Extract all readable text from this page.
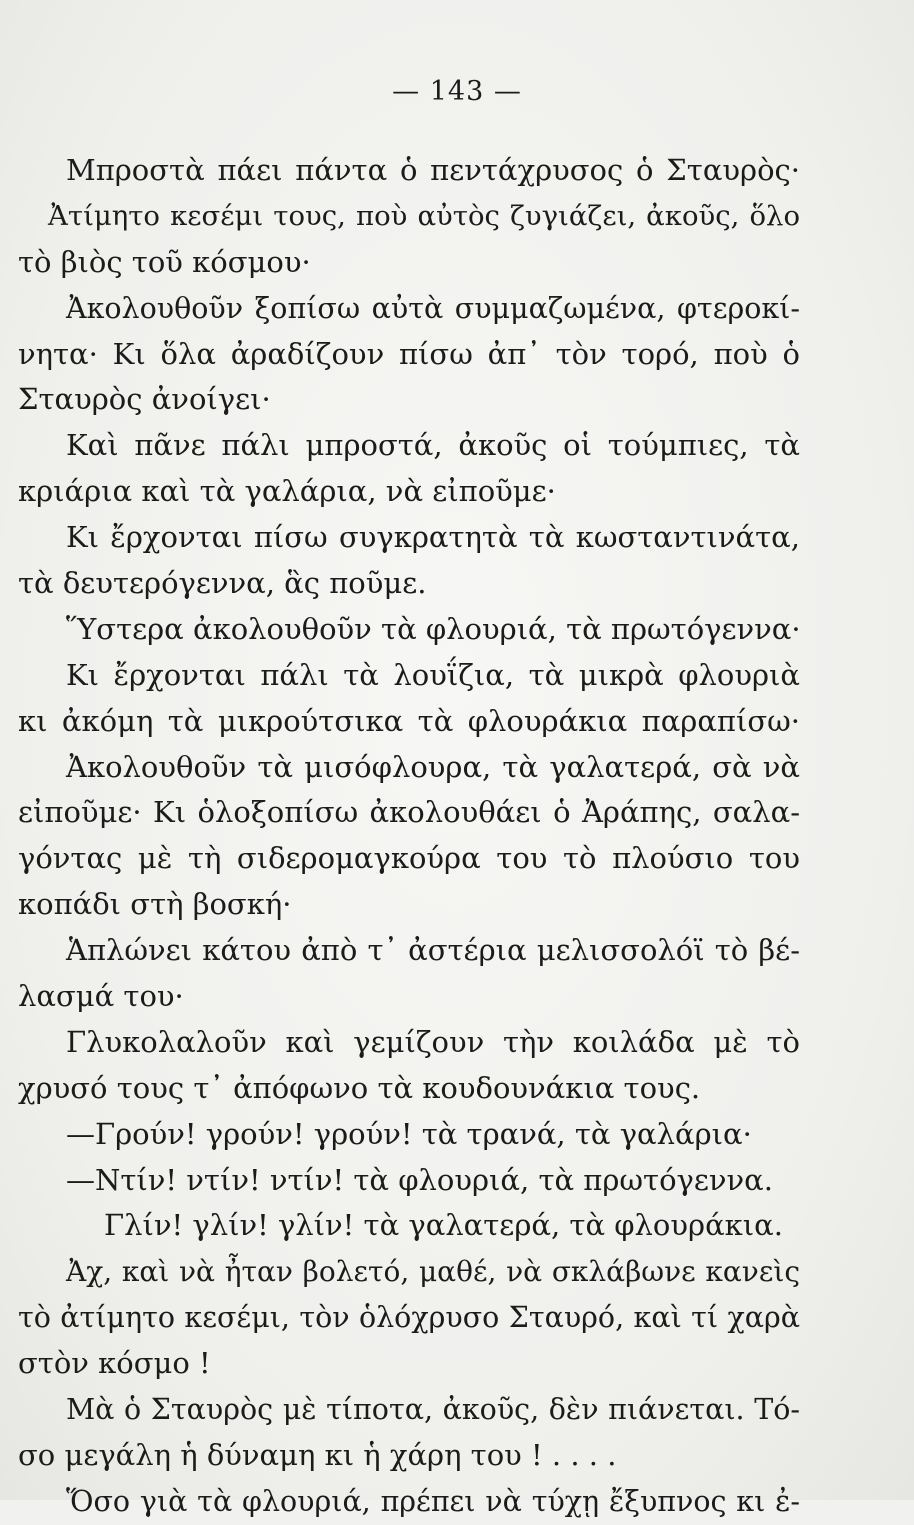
— 143 —
Μπροστὰ πάει πάντα ὁ πεντάχρυσος ὁ Σταυρὸς·
Ἀτίμητο κεσέμι τους, ποὺ αὐτὸς ζυγιάζει, ἀκοῦς, ὅλο
τὸ βιὸς τοῦ κόσμου·
Ἀκολουθοῦν ξοπίσω αὐτὰ συμμαζωμένα, φτεροκί-
νητα· Κι ὅλα ἀραδίζουν πίσω ἀπ᾽ τὸν τορό, ποὺ ὁ
Σταυρὸς ἀνοίγει·
Καὶ πᾶνε πάλι μπροστά, ἀκοῦς οἱ τούμπιες, τὰ
κριάρια καὶ τὰ γαλάρια, νὰ εἰποῦμε·
Κι ἔρχονται πίσω συγκρατητὰ τὰ κωσταντινάτα,
τὰ δευτερόγεννα, ἃς ποῦμε.
Ὕστερα ἀκολουθοῦν τὰ φλουριά, τὰ πρωτόγεννα·
Κι ἔρχονται πάλι τὰ λουΐζια, τὰ μικρὰ φλουριὰ
κι ἀκόμη τὰ μικρούτσικα τὰ φλουράκια παραπίσω·
Ἀκολουθοῦν τὰ μισόφλουρα, τὰ γαλατερά, σὰ νὰ
εἰποῦμε· Κι ὁλοξοπίσω ἀκολουθάει ὁ Ἀράπης, σαλα-
γόντας μὲ τὴ σιδερομαγκούρα του τὸ πλούσιο του
κοπάδι στὴ βοσκή·
Ἁπλώνει κάτου ἀπὸ τ᾽ ἀστέρια μελισσολόϊ τὸ βέ-
λασμά του·
Γλυκολαλοῦν καὶ γεμίζουν τὴν κοιλάδα μὲ τὸ
χρυσό τους τ᾽ ἀπόφωνο τὰ κουδουνάκια τους.
—Γρούν! γρούν! γρούν! τὰ τρανά, τὰ γαλάρια·
—Ντίν! ντίν! ντίν! τὰ φλουριά, τὰ πρωτόγεννα.
Γλίν! γλίν! γλίν! τὰ γαλατερά, τὰ φλουράκια.
Ἀχ, καὶ νὰ ἦταν βολετό, μαθέ, νὰ σκλάβωνε κανεὶς
τὸ ἀτίμητο κεσέμι, τὸν ὁλόχρυσο Σταυρό, καὶ τί χαρὰ
στὸν κόσμο !
Μὰ ὁ Σταυρὸς μὲ τίποτα, ἀκοῦς, δὲν πιάνεται. Τό-
σο μεγάλη ἡ δύναμη κι ἡ χάρη του ! . . . .
Ὅσο γιὰ τὰ φλουριά, πρέπει νὰ τύχῃ ἔξυπνος κι ἐ-
